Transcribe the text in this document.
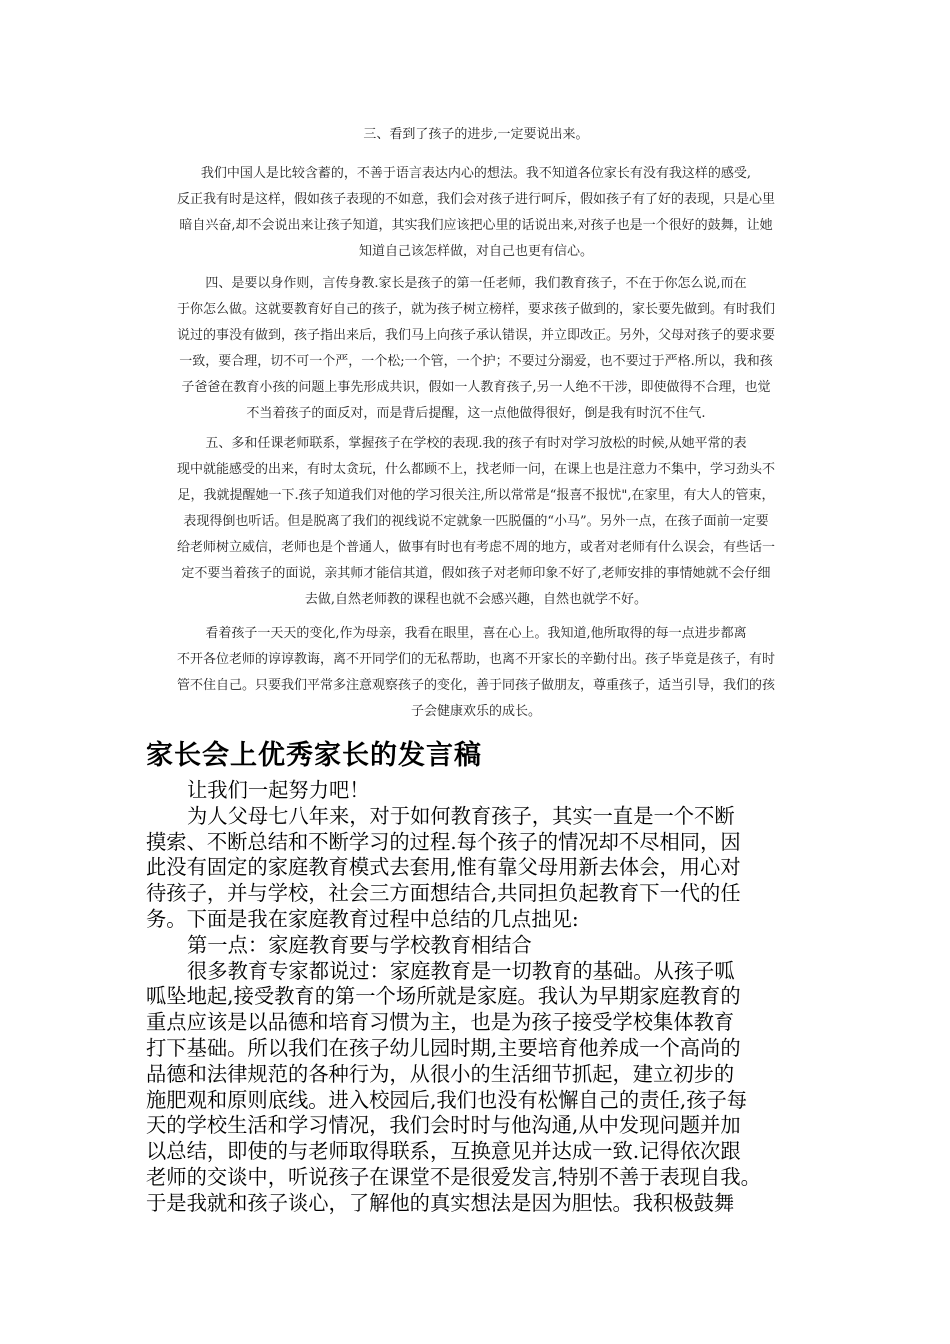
三、看到了孩子的进步,一定要说出来。

我们中国人是比较含蓄的，不善于语言表达内心的想法。我不知道各位家长有没有我这样的感受,
反正我有时是这样，假如孩子表现的不如意，我们会对孩子进行呵斥，假如孩子有了好的表现，只是心里
暗自兴奋,却不会说出来让孩子知道，其实我们应该把心里的话说出来,对孩子也是一个很好的鼓舞，让她
知道自己该怎样做，对自己也更有信心。

四、是要以身作则，言传身教.家长是孩子的第一任老师，我们教育孩子，不在于你怎么说,而在
于你怎么做。这就要教育好自己的孩子，就为孩子树立榜样，要求孩子做到的，家长要先做到。有时我们
说过的事没有做到，孩子指出来后，我们马上向孩子承认错误，并立即改正。另外，父母对孩子的要求要
一致，要合理，切不可一个严，一个松;一个管，一个护；不要过分溺爱，也不要过于严格.所以，我和孩
子爸爸在教育小孩的问题上事先形成共识，假如一人教育孩子,另一人绝不干涉，即使做得不合理，也觉
不当着孩子的面反对，而是背后提醒，这一点他做得很好，倒是我有时沉不住气.

五、多和任课老师联系，掌握孩子在学校的表现.我的孩子有时对学习放松的时候,从她平常的表
现中就能感受的出来，有时太贪玩，什么都顾不上，找老师一问，在课上也是注意力不集中，学习劲头不
足，我就提醒她一下.孩子知道我们对他的学习很关注,所以常常是“报喜不报忧",在家里，有大人的管束，
表现得倒也听话。但是脱离了我们的视线说不定就象一匹脱僵的“小马”。另外一点，在孩子面前一定要
给老师树立威信，老师也是个普通人，做事有时也有考虑不周的地方，或者对老师有什么误会，有些话一
定不要当着孩子的面说，亲其师才能信其道，假如孩子对老师印象不好了,老师安排的事情她就不会仔细
去做,自然老师教的课程也就不会感兴趣，自然也就学不好。

看着孩子一天天的变化,作为母亲，我看在眼里，喜在心上。我知道,他所取得的每一点进步都离
不开各位老师的谆谆教诲，离不开同学们的无私帮助，也离不开家长的辛勤付出。孩子毕竟是孩子，有时
管不住自己。只要我们平常多注意观察孩子的变化，善于同孩子做朋友，尊重孩子，适当引导，我们的孩
子会健康欢乐的成长。

家长会上优秀家长的发言稿
让我们一起努力吧！
为人父母七八年来，对于如何教育孩子，其实一直是一个不断
摸索、不断总结和不断学习的过程.每个孩子的情况却不尽相同，因
此没有固定的家庭教育模式去套用,惟有靠父母用新去体会，用心对
待孩子，并与学校，社会三方面想结合,共同担负起教育下一代的任
务。下面是我在家庭教育过程中总结的几点拙见:
第一点：家庭教育要与学校教育相结合
很多教育专家都说过：家庭教育是一切教育的基础。从孩子呱
呱坠地起,接受教育的第一个场所就是家庭。我认为早期家庭教育的
重点应该是以品德和培育习惯为主，也是为孩子接受学校集体教育
打下基础。所以我们在孩子幼儿园时期,主要培育他养成一个高尚的
品德和法律规范的各种行为，从很小的生活细节抓起，建立初步的
施肥观和原则底线。进入校园后,我们也没有松懈自己的责任,孩子每
天的学校生活和学习情况，我们会时时与他沟通,从中发现问题并加
以总结，即使的与老师取得联系，互换意见并达成一致.记得依次跟
老师的交谈中，听说孩子在课堂不是很爱发言,特别不善于表现自我。
于是我就和孩子谈心，了解他的真实想法是因为胆怯。我积极鼓舞
